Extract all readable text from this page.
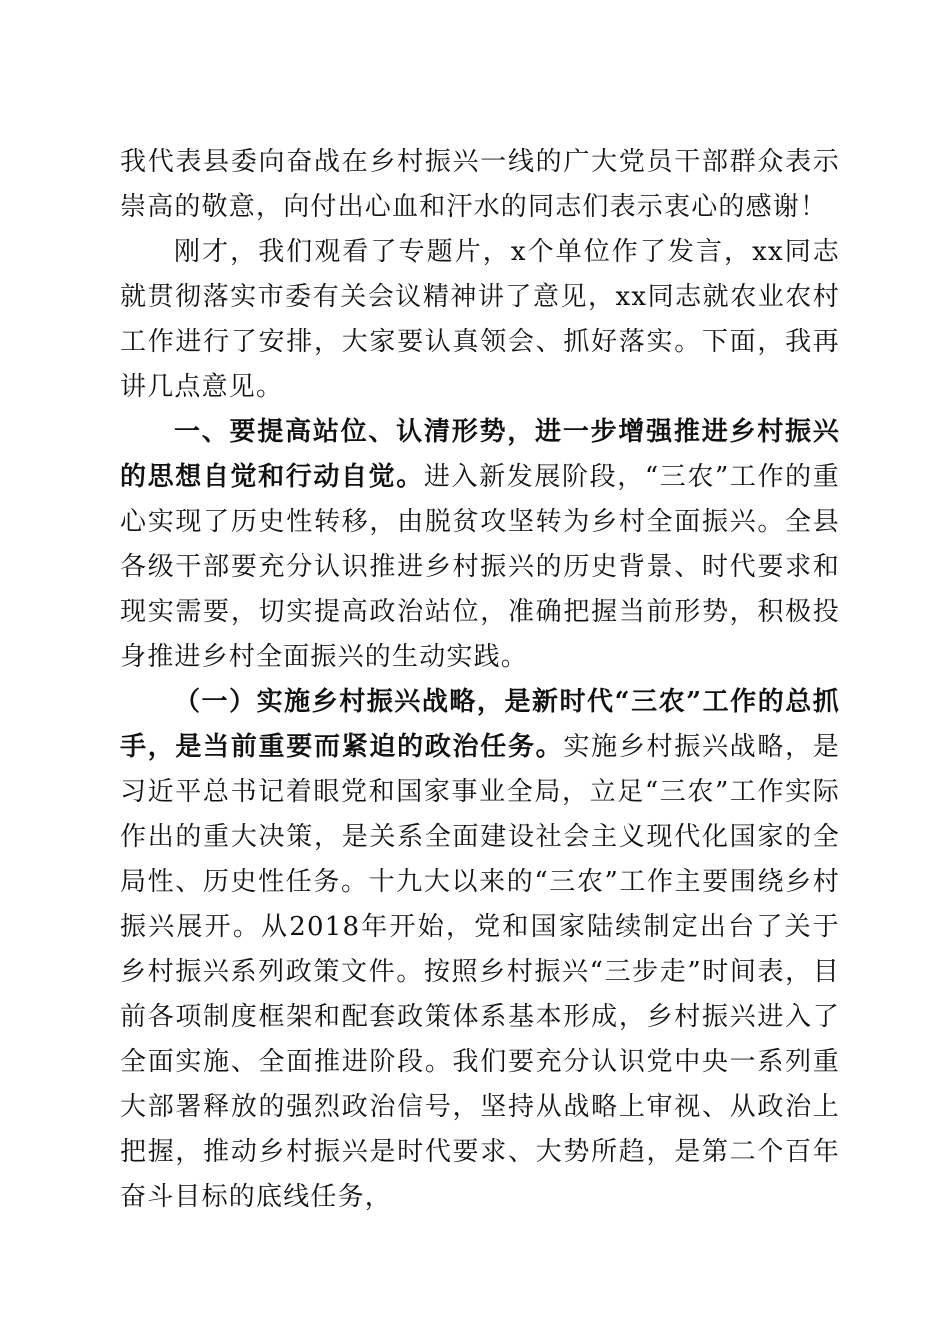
我代表县委向奋战在乡村振兴一线的广大党员干部群众表示崇高的敬意，向付出心血和汗水的同志们表示衷心的感谢！

刚才，我们观看了专题片，x个单位作了发言，xx同志就贯彻落实市委有关会议精神讲了意见，xx同志就农业农村工作进行了安排，大家要认真领会、抓好落实。下面，我再讲几点意见。

一、要提高站位、认清形势，进一步增强推进乡村振兴的思想自觉和行动自觉。进入新发展阶段，“三农”工作的重心实现了历史性转移，由脱贫攻坚转为乡村全面振兴。全县各级干部要充分认识推进乡村振兴的历史背景、时代要求和现实需要，切实提高政治站位，准确把握当前形势，积极投身推进乡村全面振兴的生动实践。

（一）实施乡村振兴战略，是新时代“三农”工作的总抓手，是当前重要而紧迫的政治任务。实施乡村振兴战略，是习近平总书记着眼党和国家事业全局，立足“三农”工作实际作出的重大决策，是关系全面建设社会主义现代化国家的全局性、历史性任务。十九大以来的“三农”工作主要围绕乡村振兴展开。从2018年开始，党和国家陆续制定出台了关于乡村振兴系列政策文件。按照乡村振兴“三步走”时间表，目前各项制度框架和配套政策体系基本形成，乡村振兴进入了全面实施、全面推进阶段。我们要充分认识党中央一系列重大部署释放的强烈政治信号，坚持从战略上审视、从政治上把握，推动乡村振兴是时代要求、大势所趋，是第二个百年奋斗目标的底线任务，
